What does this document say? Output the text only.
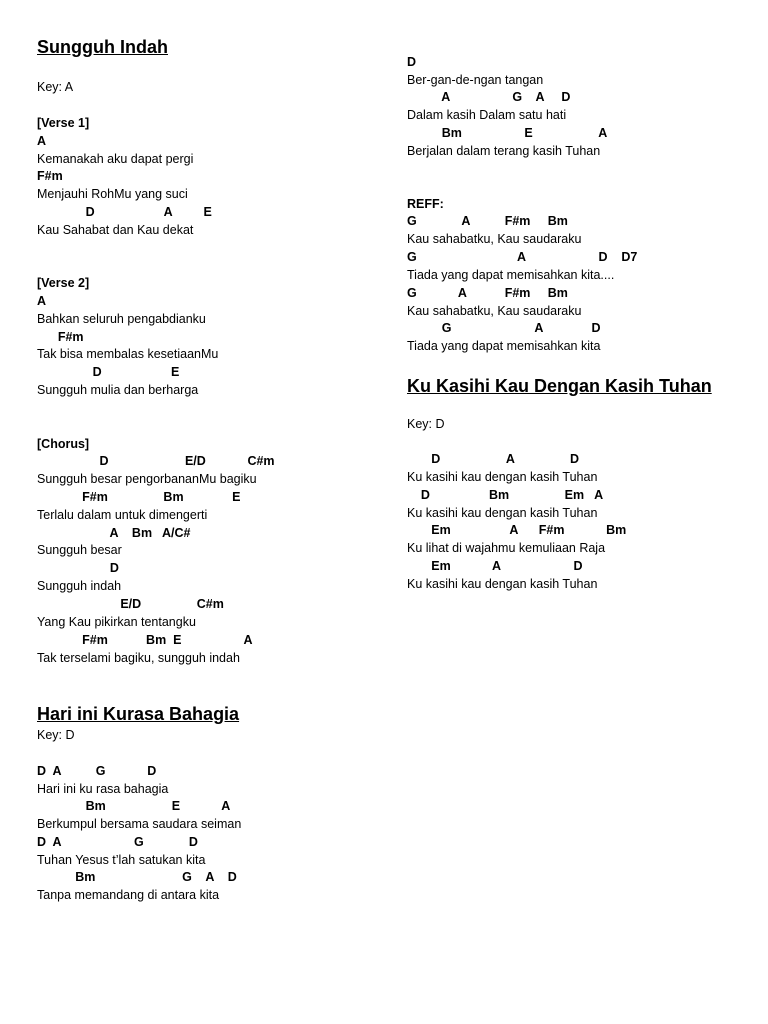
Sungguh Indah
Key: A
[Verse 1]
A
Kemanakah aku dapat pergi
F#m
Menjauhi RohMu yang suci
D                    A         E
Kau Sahabat dan Kau dekat
[Verse 2]
A
Bahkan seluruh pengabdianku
F#m
Tak bisa membalas kesetiaanMu
D                    E
Sungguh mulia dan berharga
[Chorus]
D                      E/D            C#m
Sungguh besar pengorbananMu bagiku
F#m                Bm              E
Terlalu dalam untuk dimengerti
A    Bm   A/C#
Sungguh besar
D
Sungguh indah
E/D                C#m
Yang Kau pikirkan tentangku
F#m           Bm  E                  A
Tak terselami bagiku, sungguh indah
Hari ini Kurasa Bahagia
Key: D
D  A          G            D
Hari ini ku rasa bahagia
Bm                   E            A
Berkumpul bersama saudara seiman
D  A                     G             D
Tuhan Yesus t’lah satukan kita
Bm                         G    A    D
Tanpa memandang di antara kita
D
Ber-gan-de-ngan tangan
A                  G    A     D
Dalam kasih Dalam satu hati
Bm                  E                   A
Berjalan dalam terang kasih Tuhan
REFF:
G             A          F#m     Bm
Kau sahabatku, Kau saudaraku
G                             A                     D    D7
Tiada yang dapat memisahkan kita....
G            A           F#m     Bm
Kau sahabatku, Kau saudaraku
G                        A              D
Tiada yang dapat memisahkan kita
Ku Kasihi Kau Dengan Kasih Tuhan
Key: D
D                   A                D
Ku kasihi kau dengan kasih Tuhan
D                 Bm                Em   A
Ku kasihi kau dengan kasih Tuhan
Em                 A      F#m            Bm
Ku lihat di wajahmu kemuliaan Raja
Em            A                     D
Ku kasihi kau dengan kasih Tuhan
